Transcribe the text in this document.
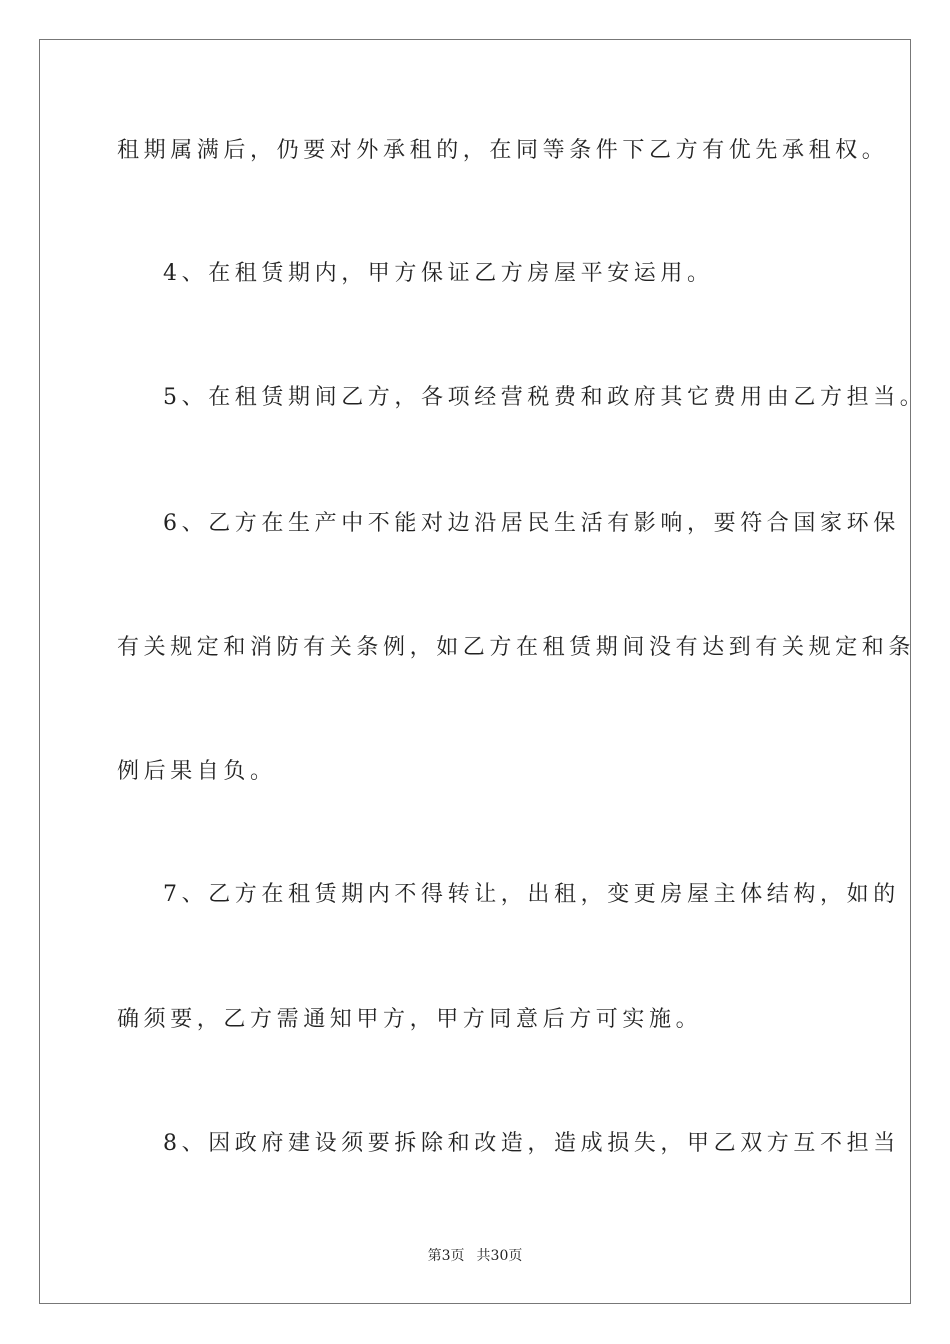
租期属满后，仍要对外承租的，在同等条件下乙方有优先承租权。
4、在租赁期内，甲方保证乙方房屋平安运用。
5、在租赁期间乙方，各项经营税费和政府其它费用由乙方担当。
6、乙方在生产中不能对边沿居民生活有影响，要符合国家环保
有关规定和消防有关条例，如乙方在租赁期间没有达到有关规定和条
例后果自负。
7、乙方在租赁期内不得转让，出租，变更房屋主体结构，如的
确须要，乙方需通知甲方，甲方同意后方可实施。
8、因政府建设须要拆除和改造，造成损失，甲乙双方互不担当
第3页 共30页
